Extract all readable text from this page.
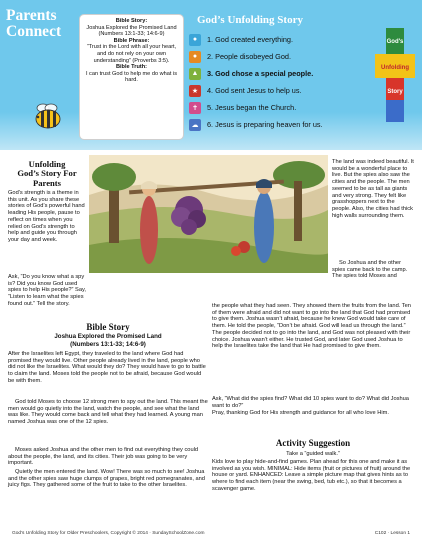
Parents
Connect
Bible Story:
Joshua Explored the Promised Land (Numbers 13:1-33; 14:6-9)
Bible Phrase:
“Trust in the Lord with all your heart, and do not rely on your own understanding” (Proverbs 3:5).
Bible Truth:
I can trust God to help me do what is hard.
God’s Unfolding Story
●	1. God created everything.
●	2. People disobeyed God.
▲	3. God chose a special people.
★	4. God sent Jesus to help us.
✝	5. Jesus began the Church.
☁	6. Jesus is preparing heaven for us.
God's
Unfolding
Story
Unfolding
God’s Story For
Parents
God’s strength is a theme in this unit. As you share these stories of God’s powerful hand leading His people, pause to reflect on times when you relied on God’s strength to help and guide you through your day and week.
Ask, “Do you know what a spy is? Did you know God used spies to help His people?” Say, “Listen to learn what the spies found out.” Tell the story.
The land was indeed beautiful. It would be a wonderful place to live. But the spies also saw the cities and the people. The men seemed to be as tall as giants and very strong. They felt like grasshoppers next to the people. Also, the cities had thick high walls surrounding them.
So Joshua and the other spies came back to the camp. The spies told Moses and
the people what they had seen. They showed them the fruits from the land. Ten of them were afraid and did not want to go into the land that God had promised to give them. Joshua wasn’t afraid, because he knew God would take care of them. He told the people, “Don’t be afraid. God will lead us through the land.” The people decided not to go into the land, and God was not pleased with their choice. Joshua wasn’t either. He trusted God, and later God used Joshua to help the Israelites take the land that He had promised to give them.
Ask, “What did the spies find? What did 10 spies want to do? What did Joshua want to do?”
Pray, thanking God for His strength and guidance for all who love Him.
Bible Story
Joshua Explored the Promised Land
(Numbers 13:1-33; 14:6-9)
After the Israelites left Egypt, they traveled to the land where God had promised they would live. Other people already lived in the land, people who did not like the Israelites. What would they do? They would have to go to battle to claim the land. Moses told the people not to be afraid, because God would be with them.
God told Moses to choose 12 strong men to spy out the land. This meant the men would go quietly into the land, watch the people, and see what the land was like. They would come back and tell what they had learned. A young man named Joshua was one of the 12 spies.
Moses asked Joshua and the other men to find out everything they could about the people, the land, and its cities. Their job was going to be very important.
Quietly the men entered the land. Wow! There was so much to see! Joshua and the other spies saw huge clumps of grapes, bright red pomegranates, and juicy figs. They gathered some of the fruit to take to the other Israelites.
Activity Suggestion
Take a “guided walk.”
Kids love to play hide-and-find games. Plan ahead for this one and make it as involved as you wish. MINIMAL: Hide items (fruit or pictures of fruit) around the house or yard. ENHANCED: Leave a simple picture map that gives hints as to where to find each item (near the swing, bed, tub etc.), so that it becomes a scavenger game.
God’s Unfolding Story for Older Preschoolers, Copyright © 2014 · SundaySchoolZone.com	C102 · Lesson 1
